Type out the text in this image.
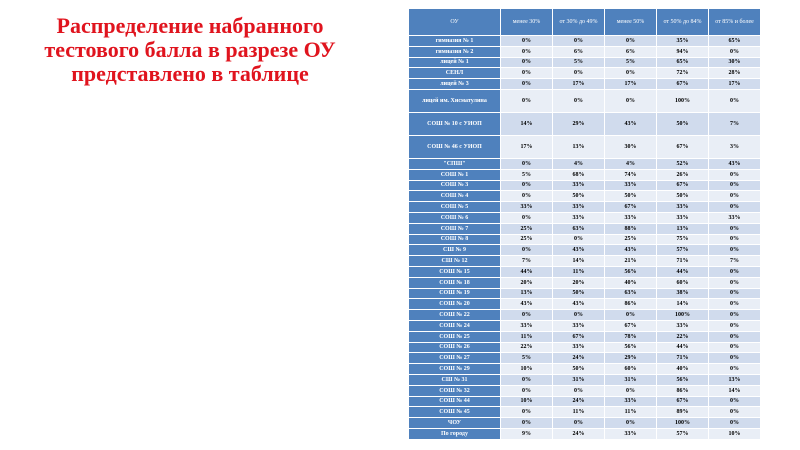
Распределение набранного тестового балла в разрезе ОУ представлено в таблице
ОУ	менее 30%	от 30% до 49%	менее 50%	от 50% до 84%	от 85% и более
гимназия № 1	0%	0%	0%	35%	65%
гимназия № 2	0%	6%	6%	94%	0%
лицей № 1	0%	5%	5%	65%	30%
СЕНЛ	0%	0%	0%	72%	28%
лицей № 3	0%	17%	17%	67%	17%
лицей им. Хисматулина	0%	0%	0%	100%	0%
СОШ № 10 с УИОП	14%	29%	43%	50%	7%
СОШ № 46 с УИОП	17%	13%	30%	67%	3%
"СПШ"	0%	4%	4%	52%	43%
СОШ № 1	5%	68%	74%	26%	0%
СОШ № 3	0%	33%	33%	67%	0%
СОШ № 4	0%	50%	50%	50%	0%
СОШ № 5	33%	33%	67%	33%	0%
СОШ № 6	0%	33%	33%	33%	33%
СОШ № 7	25%	63%	88%	13%	0%
СОШ № 8	25%	0%	25%	75%	0%
СШ № 9	0%	43%	43%	57%	0%
СШ № 12	7%	14%	21%	71%	7%
СОШ № 15	44%	11%	56%	44%	0%
СОШ № 18	20%	20%	40%	60%	0%
СОШ № 19	13%	50%	63%	38%	0%
СОШ № 20	43%	43%	86%	14%	0%
СОШ № 22	0%	0%	0%	100%	0%
СОШ № 24	33%	33%	67%	33%	0%
СОШ № 25	11%	67%	78%	22%	0%
СОШ № 26	22%	33%	56%	44%	0%
СОШ № 27	5%	24%	29%	71%	0%
СОШ № 29	10%	50%	60%	40%	0%
СШ № 31	0%	31%	31%	56%	13%
СОШ № 32	0%	0%	0%	86%	14%
СОШ № 44	10%	24%	33%	67%	0%
СОШ № 45	0%	11%	11%	89%	0%
ЧОУ	0%	0%	0%	100%	0%
По городу	9%	24%	33%	57%	10%
